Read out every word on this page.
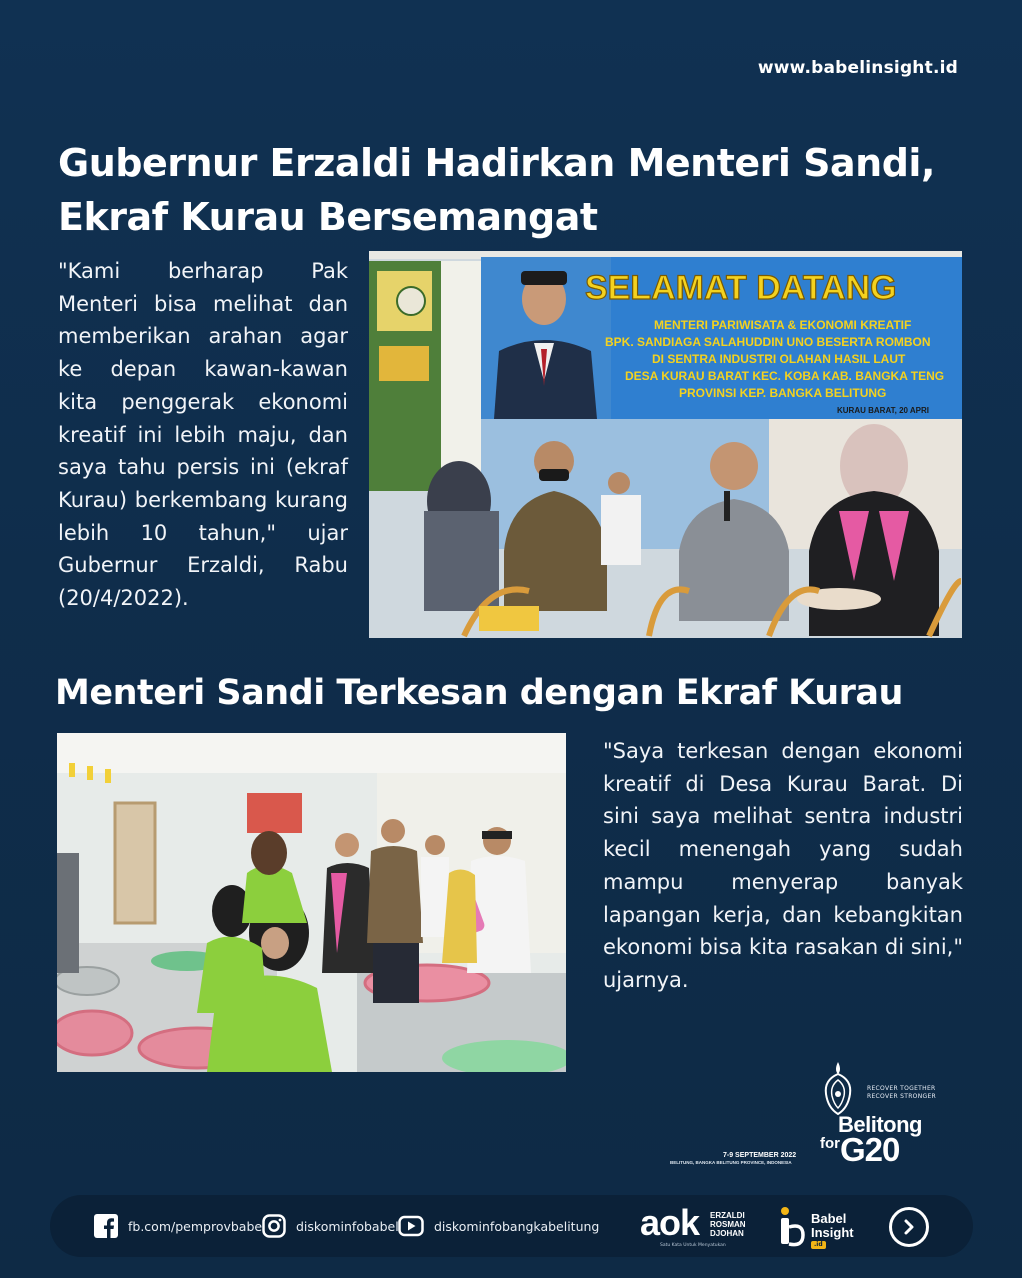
www.babelinsight.id
Gubernur Erzaldi Hadirkan Menteri Sandi,
Ekraf Kurau Bersemangat

"Kami berharap Pak Menteri bisa melihat dan memberikan arahan agar ke depan kawan-kawan kita penggerak ekonomi kreatif ini lebih maju, dan saya tahu persis ini (ekraf Kurau) berkembang kurang lebih 10 tahun," ujar Gubernur Erzaldi, Rabu (20/4/2022).

SELAMAT DATANG
MENTERI PARIWISATA & EKONOMI KREATIF
BPK. SANDIAGA SALAHUDDIN UNO BESERTA ROMBON
DI SENTRA INDUSTRI OLAHAN HASIL LAUT
DESA KURAU BARAT KEC. KOBA KAB. BANGKA TENG
PROVINSI KEP. BANGKA BELITUNG
KURAU BARAT, 20 APRI
Menteri Sandi Terkesan dengan Ekraf Kurau

"Saya terkesan dengan ekonomi kreatif di Desa Kurau Barat. Di sini saya melihat sentra industri kecil menengah yang sudah mampu menyerap banyak lapangan kerja, dan kebangkitan ekonomi bisa kita rasakan di sini," ujarnya.

RECOVER TOGETHER
RECOVER STRONGER
Belitong
for G20
7-9 SEPTEMBER 2022
BELITUNG, BANGKA BELITUNG PROVINCE, INDONESIA
fb.com/pemprovbabel diskominfobabel	diskominfobangkabelitung aok ERZALDI
ROSMAN
DJOHAN
Satu Kata Untuk Menyatukan
Babel
Insight
.id
